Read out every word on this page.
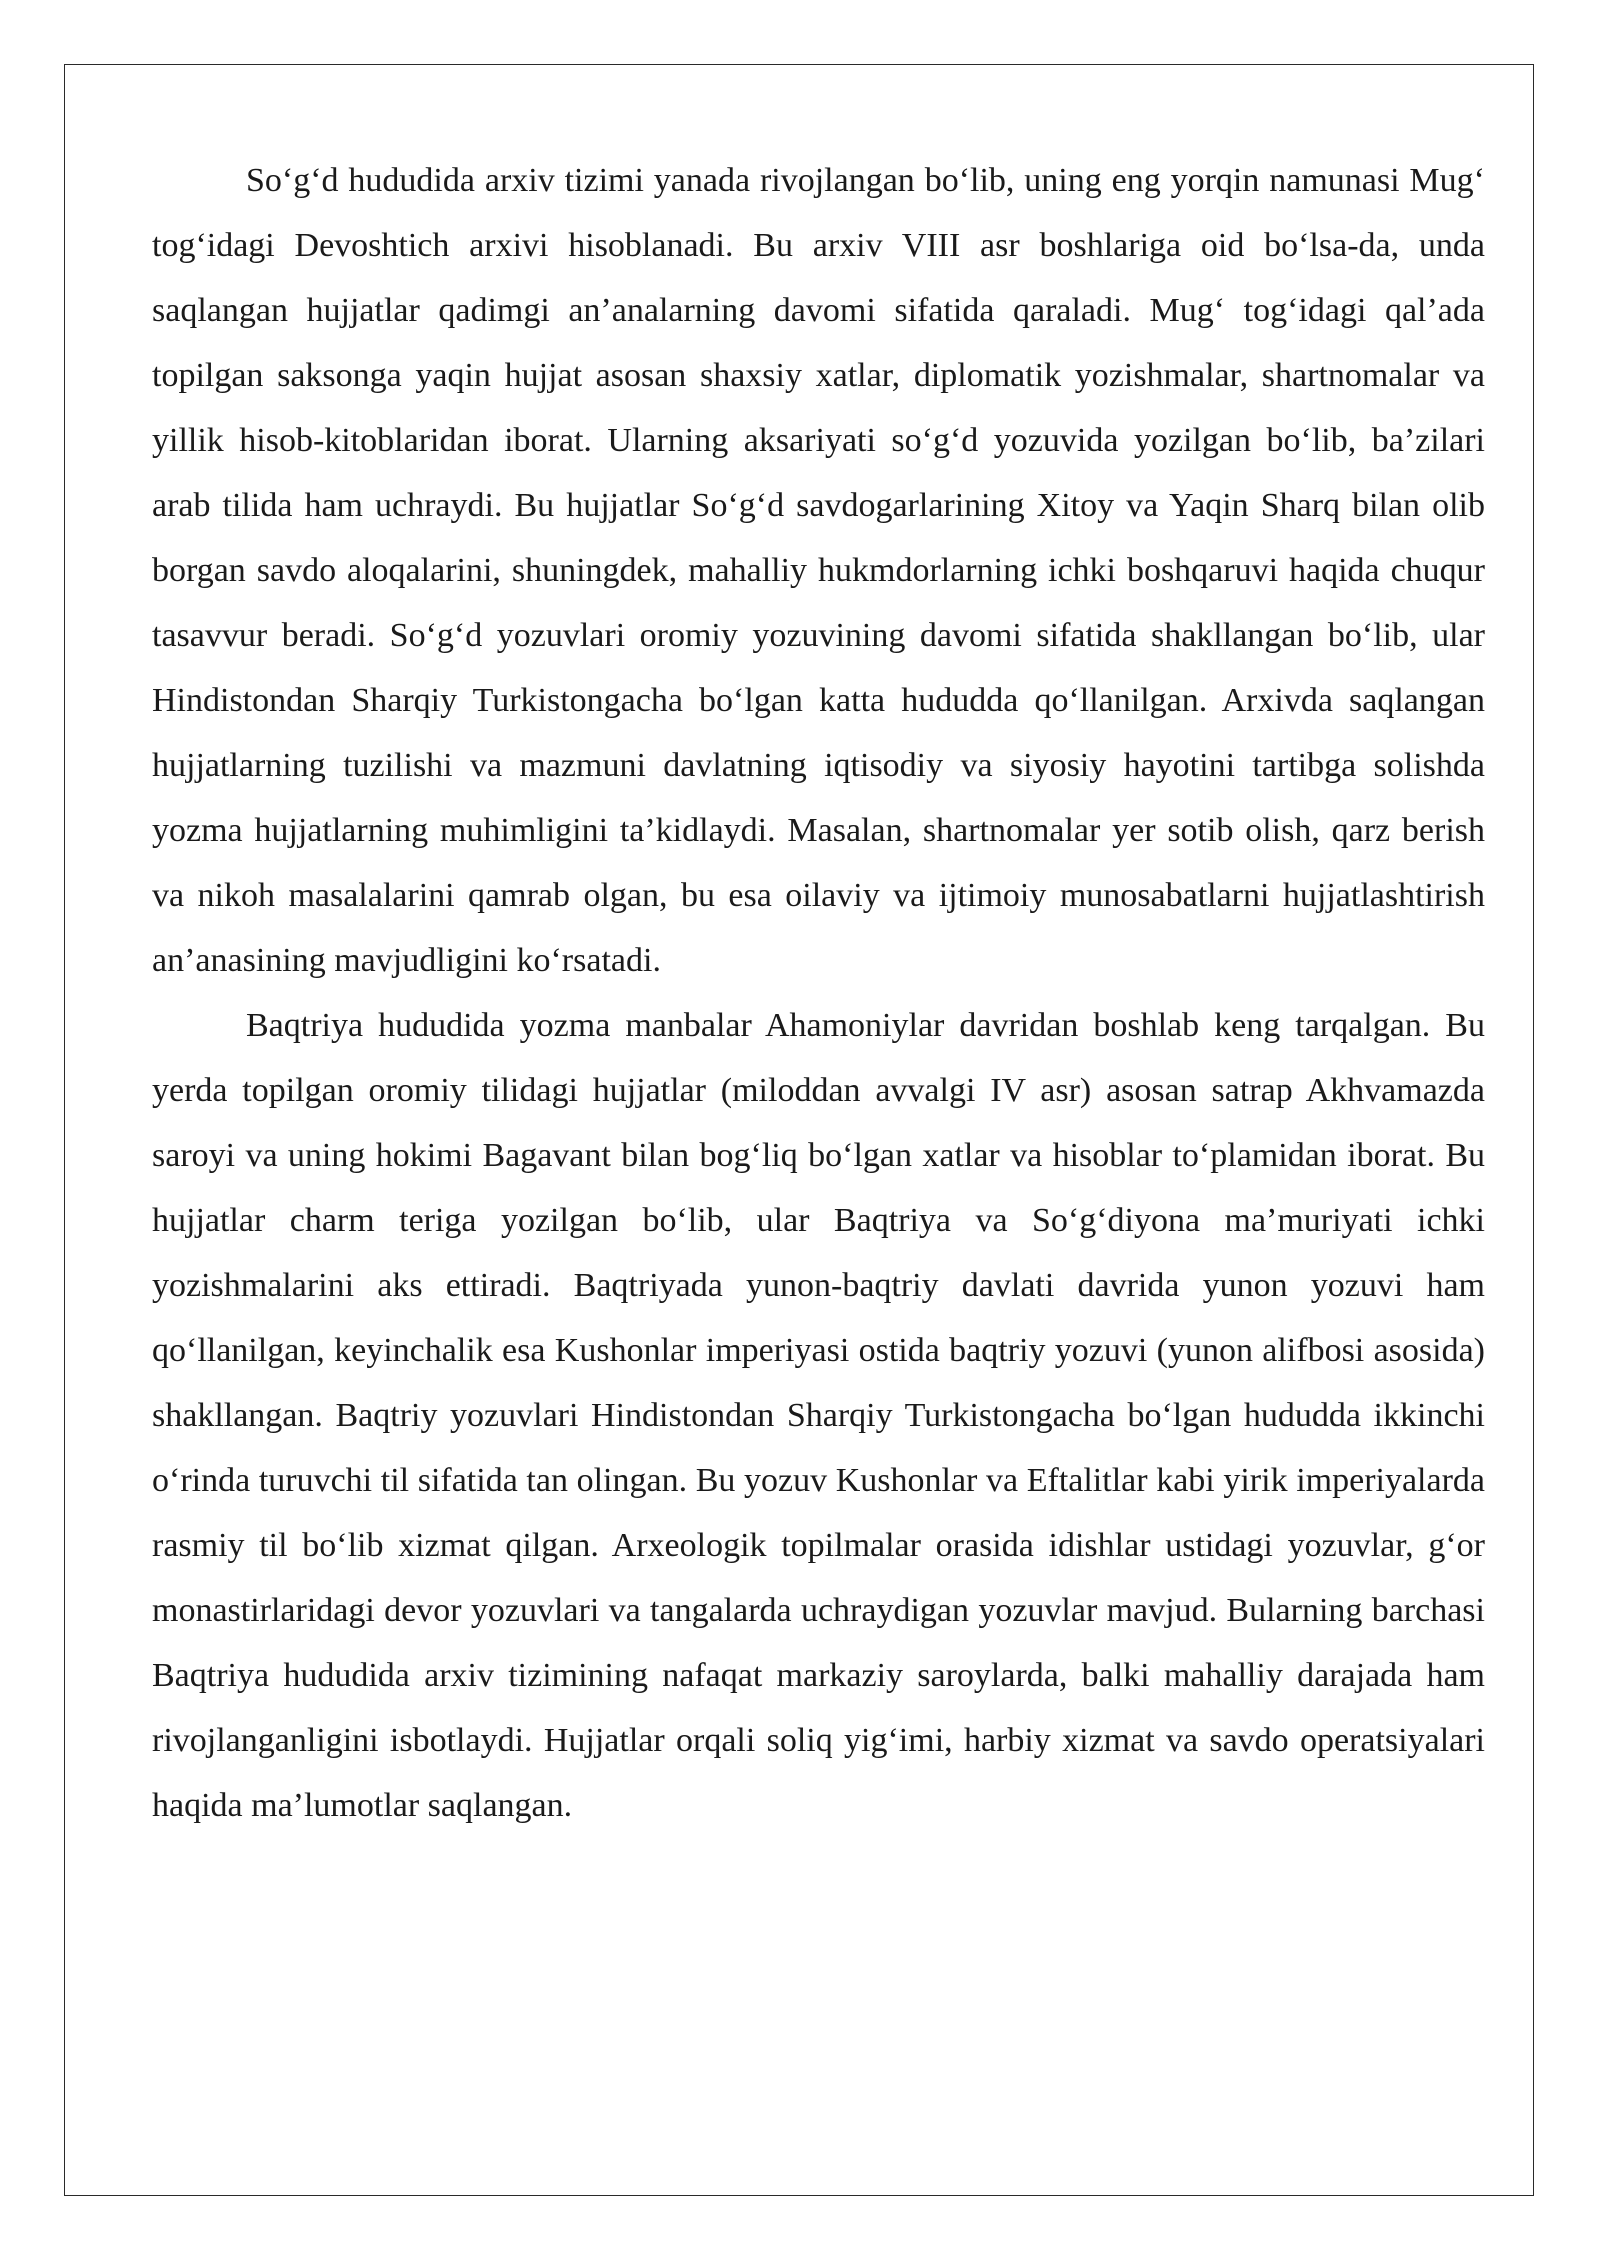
So‘g‘d hududida arxiv tizimi yanada rivojlangan bo‘lib, uning eng yorqin namunasi Mug‘ tog‘idagi Devoshtich arxivi hisoblanadi. Bu arxiv VIII asr boshlariga oid bo‘lsa-da, unda saqlangan hujjatlar qadimgi an’analarning davomi sifatida qaraladi. Mug‘ tog‘idagi qal’ada topilgan saksonga yaqin hujjat asosan shaxsiy xatlar, diplomatik yozishmalar, shartnomalar va yillik hisob-kitoblaridan iborat. Ularning aksariyati so‘g‘d yozuvida yozilgan bo‘lib, ba’zilari arab tilida ham uchraydi. Bu hujjatlar So‘g‘d savdogarlarining Xitoy va Yaqin Sharq bilan olib borgan savdo aloqalarini, shuningdek, mahalliy hukmdorlarning ichki boshqaruvi haqida chuqur tasavvur beradi. So‘g‘d yozuvlari oromiy yozuvining davomi sifatida shakllangan bo‘lib, ular Hindistondan Sharqiy Turkistongacha bo‘lgan katta hududda qo‘llanilgan. Arxivda saqlangan hujjatlarning tuzilishi va mazmuni davlatning iqtisodiy va siyosiy hayotini tartibga solishda yozma hujjatlarning muhimligini ta’kidlaydi. Masalan, shartnomalar yer sotib olish, qarz berish va nikoh masalalarini qamrab olgan, bu esa oilaviy va ijtimoiy munosabatlarni hujjatlashtirish an’anasining mavjudligini ko‘rsatadi.

Baqtriya hududida yozma manbalar Ahamoniylar davridan boshlab keng tarqalgan. Bu yerda topilgan oromiy tilidagi hujjatlar (miloddan avvalgi IV asr) asosan satrap Akhvamazda saroyi va uning hokimi Bagavant bilan bog‘liq bo‘lgan xatlar va hisoblar to‘plamidan iborat. Bu hujjatlar charm teriga yozilgan bo‘lib, ular Baqtriya va So‘g‘diyona ma’muriyati ichki yozishmalarini aks ettiradi. Baqtriyada yunon-baqtriy davlati davrida yunon yozuvi ham qo‘llanilgan, keyinchalik esa Kushonlar imperiyasi ostida baqtriy yozuvi (yunon alifbosi asosida) shakllangan. Baqtriy yozuvlari Hindistondan Sharqiy Turkistongacha bo‘lgan hududda ikkinchi o‘rinda turuvchi til sifatida tan olingan. Bu yozuv Kushonlar va Eftalitlar kabi yirik imperiyalarda rasmiy til bo‘lib xizmat qilgan. Arxeologik topilmalar orasida idishlar ustidagi yozuvlar, g‘or monastirlaridagi devor yozuvlari va tangalarda uchraydigan yozuvlar mavjud. Bularning barchasi Baqtriya hududida arxiv tizimining nafaqat markaziy saroylarda, balki mahalliy darajada ham rivojlanganligini isbotlaydi. Hujjatlar orqali soliq yig‘imi, harbiy xizmat va savdo operatsiyalari haqida ma’lumotlar saqlangan.
